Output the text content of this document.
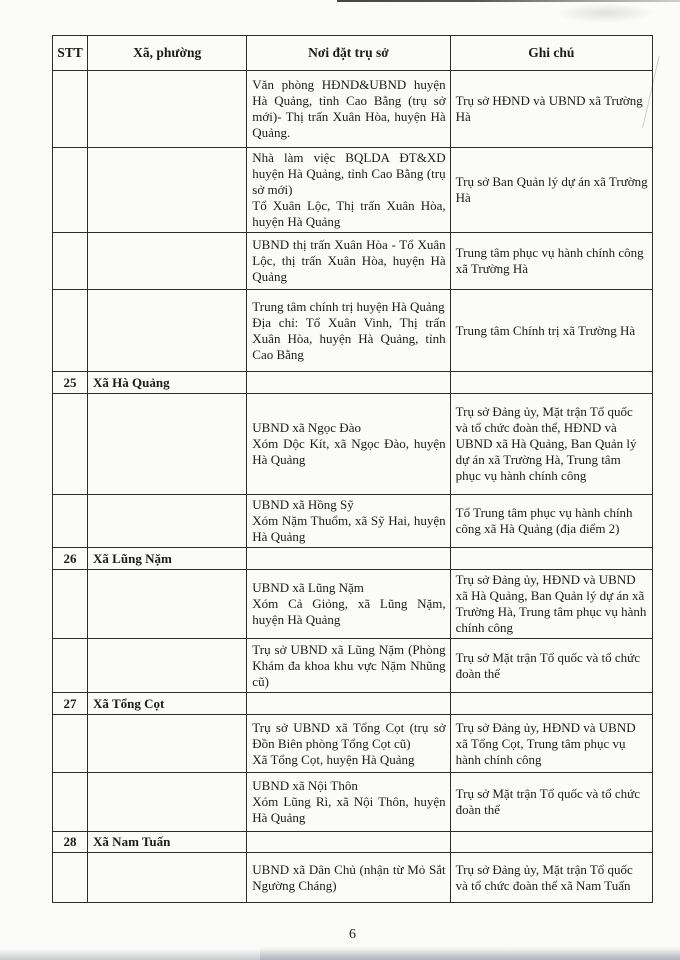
STT	Xã, phường	Nơi đặt trụ sở	Ghi chú

		Văn phòng HĐND&UBND huyện Hà Quảng, tỉnh Cao Bằng (trụ sở mới)- Thị trấn Xuân Hòa, huyện Hà Quảng.	Trụ sở HĐND và UBND xã Trường Hà

		Nhà làm việc BQLDA ĐT&XD huyện Hà Quảng, tỉnh Cao Bằng (trụ sở mới)
Tổ Xuân Lộc, Thị trấn Xuân Hòa, huyện Hà Quảng	Trụ sở Ban Quản lý dự án xã Trường Hà

		UBND thị trấn Xuân Hòa - Tổ Xuân Lộc, thị trấn Xuân Hòa, huyện Hà Quảng	Trung tâm phục vụ hành chính công xã Trường Hà

		Trung tâm chính trị huyện Hà Quảng
Địa chỉ: Tổ Xuân Vinh, Thị trấn Xuân Hòa, huyện Hà Quảng, tỉnh Cao Bằng	Trung tâm Chính trị xã Trường Hà
25	Xã Hà Quảng		

		UBND xã Ngọc Đào
Xóm Dộc Kít, xã Ngọc Đào, huyện Hà Quảng	Trụ sở Đảng ủy, Mặt trận Tổ quốc và tổ chức đoàn thể, HĐND và UBND xã Hà Quảng, Ban Quản lý dự án xã Trường Hà, Trung tâm phục vụ hành chính công

		UBND xã Hồng Sỹ
Xóm Nặm Thuổm, xã Sỹ Hai, huyện Hà Quảng	Tổ Trung tâm phục vụ hành chính công xã Hà Quảng (địa điểm 2)
26	Xã Lũng Nặm		

		UBND xã Lũng Nặm
Xóm Cả Giỏng, xã Lũng Nặm, huyện Hà Quảng	Trụ sở Đảng ủy, HĐND và UBND xã Hà Quảng, Ban Quản lý dự án xã Trường Hà, Trung tâm phục vụ hành chính công

		Trụ sở UBND xã Lũng Nặm (Phòng Khám đa khoa khu vực Nặm Nhũng cũ)	Trụ sở Mặt trận Tổ quốc và tổ chức đoàn thể
27	Xã Tổng Cọt		

		Trụ sở UBND xã Tổng Cọt (trụ sở Đồn Biên phòng Tổng Cọt cũ)
Xã Tổng Cọt, huyện Hà Quảng	Trụ sở Đảng ủy, HĐND và UBND xã Tổng Cọt, Trung tâm phục vụ hành chính công

		UBND xã Nội Thôn
Xóm Lũng Rì, xã Nội Thôn, huyện Hà Quảng	Trụ sở Mặt trận Tổ quốc và tổ chức đoàn thể
28	Xã Nam Tuấn		

		UBND xã Dân Chủ (nhận từ Mỏ Sắt Ngường Cháng)	Trụ sở Đảng ủy, Mặt trận Tổ quốc và tổ chức đoàn thể xã Nam Tuấn
6
